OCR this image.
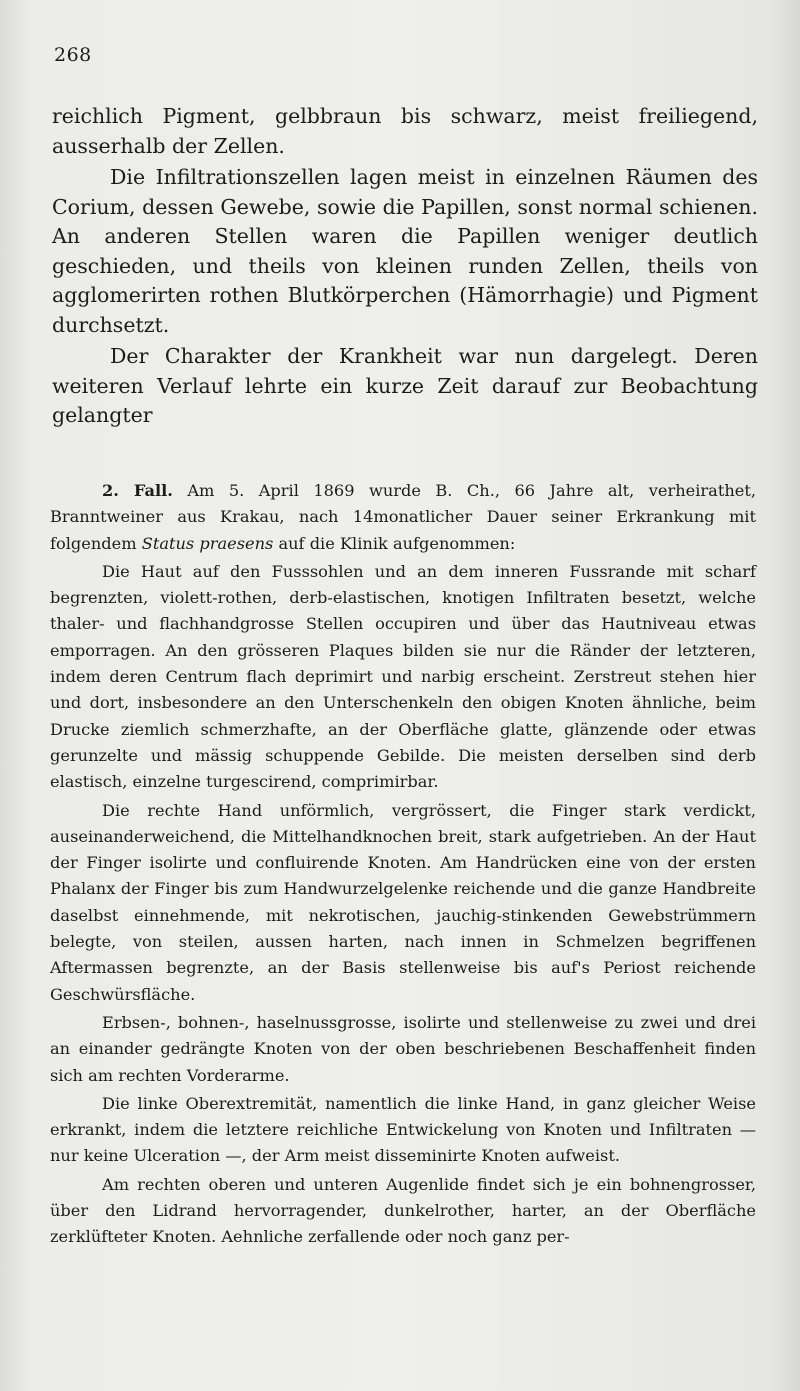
268

reichlich Pigment, gelbbraun bis schwarz, meist freiliegend, ausserhalb der Zellen.

Die Infiltrationszellen lagen meist in einzelnen Räumen des Corium, dessen Gewebe, sowie die Papillen, sonst normal schienen. An anderen Stellen waren die Papillen weniger deutlich geschieden, und theils von kleinen runden Zellen, theils von agglomerirten rothen Blutkörperchen (Hämorrhagie) und Pigment durchsetzt.

Der Charakter der Krankheit war nun dargelegt. Deren weiteren Verlauf lehrte ein kurze Zeit darauf zur Beobachtung gelangter

2. Fall. Am 5. April 1869 wurde B. Ch., 66 Jahre alt, verheirathet, Branntweiner aus Krakau, nach 14monatlicher Dauer seiner Erkrankung mit folgendem Status praesens auf die Klinik aufgenommen:

Die Haut auf den Fusssohlen und an dem inneren Fussrande mit scharf begrenzten, violett-rothen, derb-elastischen, knotigen Infiltraten besetzt, welche thaler- und flachhandgrosse Stellen occupiren und über das Hautniveau etwas emporragen. An den grösseren Plaques bilden sie nur die Ränder der letzteren, indem deren Centrum flach deprimirt und narbig erscheint. Zerstreut stehen hier und dort, insbesondere an den Unterschenkeln den obigen Knoten ähnliche, beim Drucke ziemlich schmerzhafte, an der Oberfläche glatte, glänzende oder etwas gerunzelte und mässig schuppende Gebilde. Die meisten derselben sind derb elastisch, einzelne turgescirend, comprimirbar.

Die rechte Hand unförmlich, vergrössert, die Finger stark verdickt, auseinanderweichend, die Mittelhandknochen breit, stark aufgetrieben. An der Haut der Finger isolirte und confluirende Knoten. Am Handrücken eine von der ersten Phalanx der Finger bis zum Handwurzelgelenke reichende und die ganze Handbreite daselbst einnehmende, mit nekrotischen, jauchig-stinkenden Gewebstrümmern belegte, von steilen, aussen harten, nach innen in Schmelzen begriffenen Aftermassen begrenzte, an der Basis stellenweise bis auf's Periost reichende Geschwürsfläche.

Erbsen-, bohnen-, haselnussgrosse, isolirte und stellenweise zu zwei und drei an einander gedrängte Knoten von der oben beschriebenen Beschaffenheit finden sich am rechten Vorderarme.

Die linke Oberextremität, namentlich die linke Hand, in ganz gleicher Weise erkrankt, indem die letztere reichliche Entwickelung von Knoten und Infiltraten — nur keine Ulceration —, der Arm meist disseminirte Knoten aufweist.

Am rechten oberen und unteren Augenlide findet sich je ein bohnengrosser, über den Lidrand hervorragender, dunkelrother, harter, an der Oberfläche zerklüfteter Knoten. Aehnliche zerfallende oder noch ganz per-
